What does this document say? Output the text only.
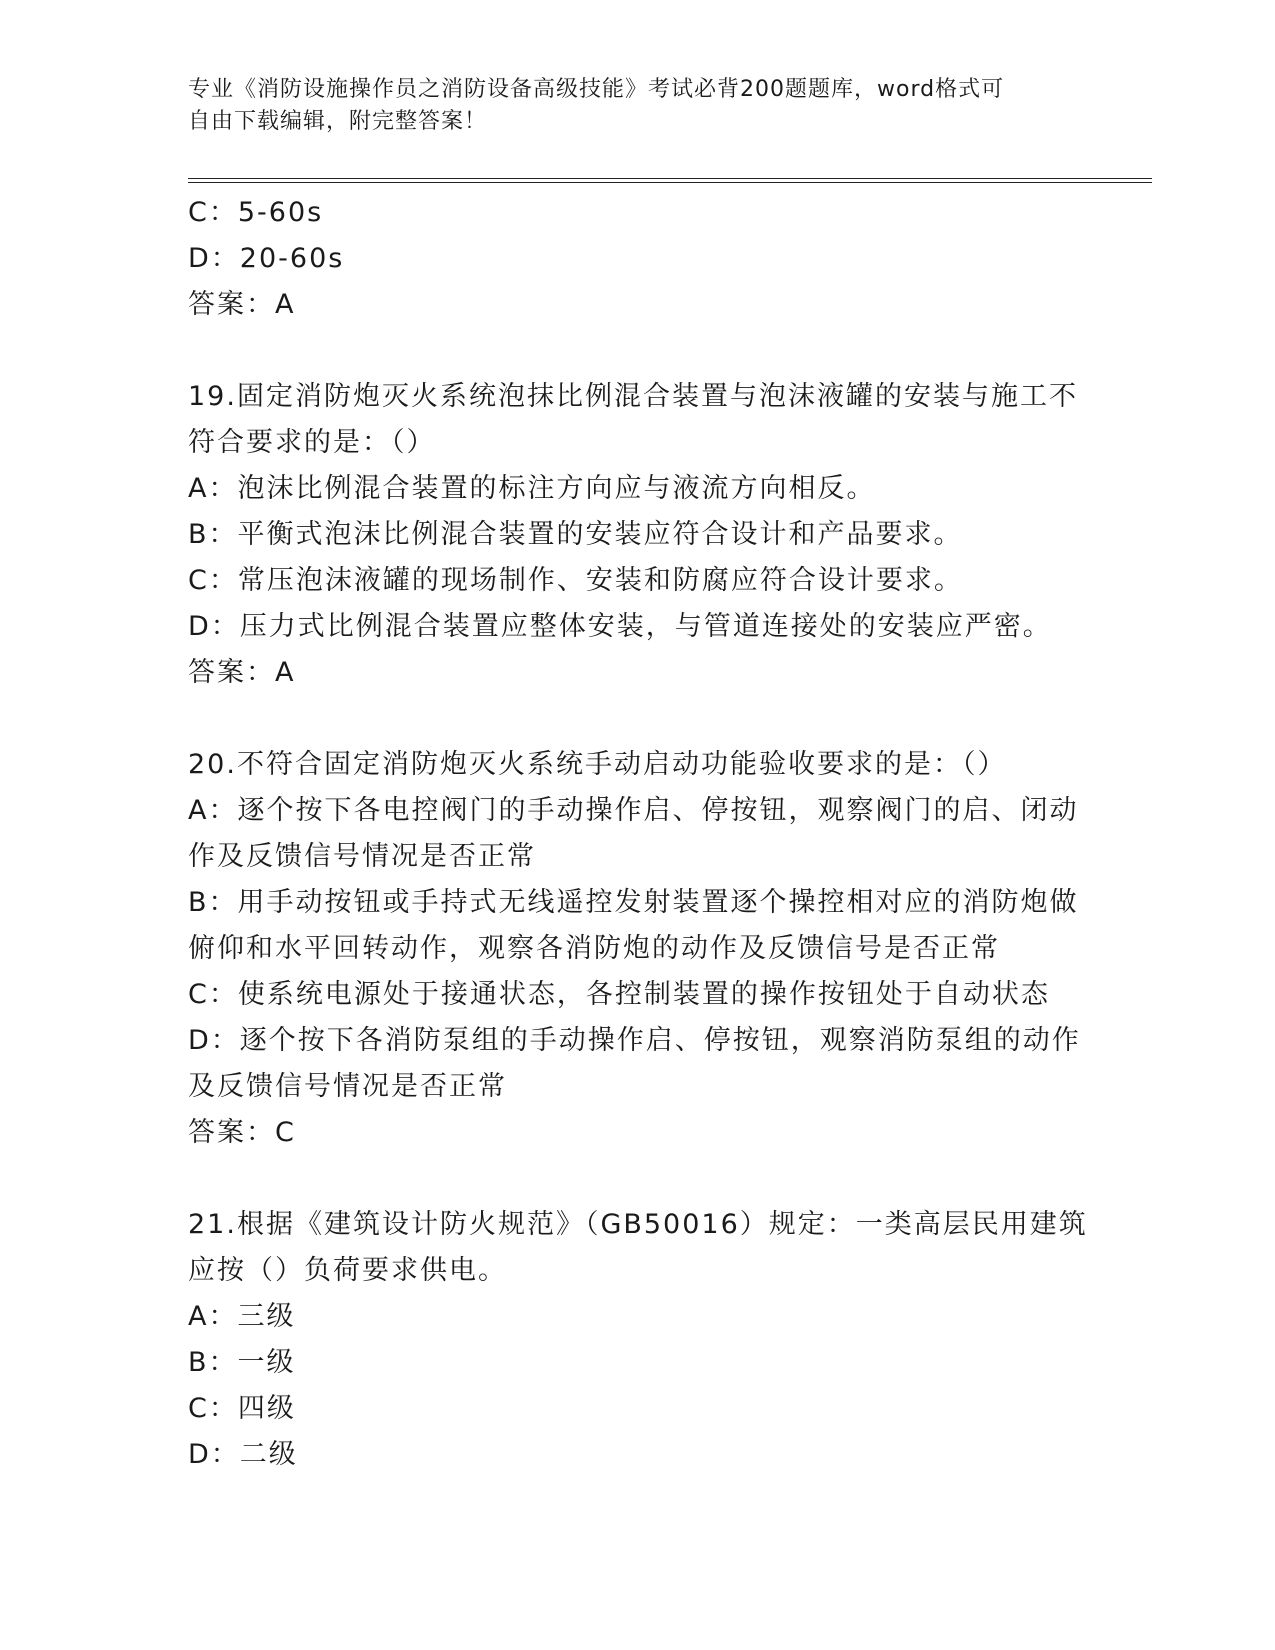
专业《消防设施操作员之消防设备高级技能》考试必背200题题库，word格式可
自由下载编辑，附完整答案！
C：5-60s
D：20-60s
答案：A
19.固定消防炮灭火系统泡抹比例混合装置与泡沫液罐的安装与施工不
符合要求的是：（）
A：泡沫比例混合装置的标注方向应与液流方向相反。
B：平衡式泡沫比例混合装置的安装应符合设计和产品要求。
C：常压泡沫液罐的现场制作、安装和防腐应符合设计要求。
D：压力式比例混合装置应整体安装，与管道连接处的安装应严密。
答案：A
20.不符合固定消防炮灭火系统手动启动功能验收要求的是：（）
A：逐个按下各电控阀门的手动操作启、停按钮，观察阀门的启、闭动
作及反馈信号情况是否正常
B：用手动按钮或手持式无线遥控发射装置逐个操控相对应的消防炮做
俯仰和水平回转动作，观察各消防炮的动作及反馈信号是否正常
C：使系统电源处于接通状态，各控制装置的操作按钮处于自动状态
D：逐个按下各消防泵组的手动操作启、停按钮，观察消防泵组的动作
及反馈信号情况是否正常
答案：C
21.根据《建筑设计防火规范》（GB50016）规定：一类高层民用建筑
应按（）负荷要求供电。
A：三级
B：一级
C：四级
D：二级
